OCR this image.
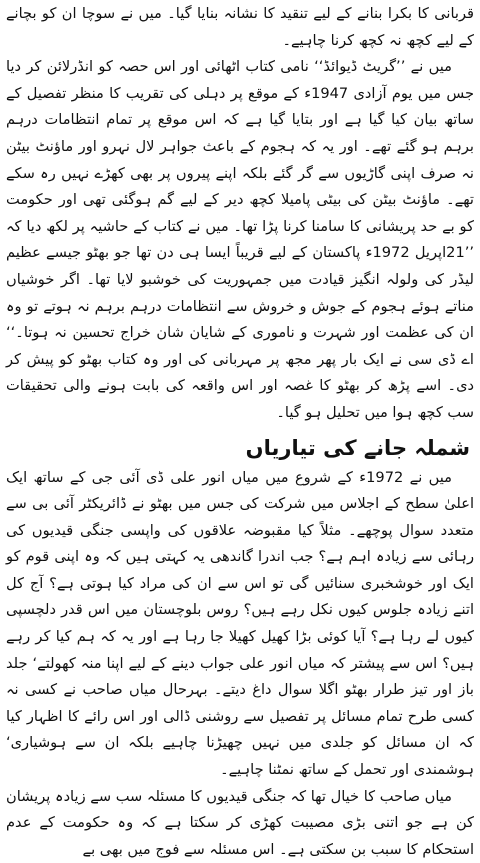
قربانی کا بکرا بنانے کے لیے تنقید کا نشانہ بنایا گیا۔ میں نے سوچا ان کو بچانے کے لیے کچھ نہ کچھ کرنا چاہیے۔

میں نے ’’گریٹ ڈیوائڈ‘‘ نامی کتاب اٹھائی اور اس حصہ کو انڈرلائن کر دیا جس میں یوم آزادی 1947ء کے موقع پر دہلی کی تقریب کا منظر تفصیل کے ساتھ بیان کیا گیا ہے اور بتایا گیا ہے کہ اس موقع پر تمام انتظامات درہم برہم ہو گئے تھے۔ اور یہ کہ ہجوم کے باعث جواہر لال نہرو اور ماؤنٹ بیٹن نہ صرف اپنی گاڑیوں سے گر گئے بلکہ اپنے پیروں پر بھی کھڑے نہیں رہ سکے تھے۔ ماؤنٹ بیٹن کی بیٹی پامیلا کچھ دیر کے لیے گم ہوگئی تھی اور حکومت کو بے حد پریشانی کا سامنا کرنا پڑا تھا۔ میں نے کتاب کے حاشیہ پر لکھ دیا کہ ’’21اپریل 1972ء پاکستان کے لیے قریباً ایسا ہی دن تھا جو بھٹو جیسے عظیم لیڈر کی ولولہ انگیز قیادت میں جمہوریت کی خوشبو لایا تھا۔ اگر خوشیاں مناتے ہوئے ہجوم کے جوش و خروش سے انتظامات درہم برہم نہ ہوتے تو وہ ان کی عظمت اور شہرت و ناموری کے شایان شان خراج تحسین نہ ہوتا۔‘‘ اے ڈی سی نے ایک بار پھر مجھ پر مہربانی کی اور وہ کتاب بھٹو کو پیش کر دی۔ اسے پڑھ کر بھٹو کا غصہ اور اس واقعہ کی بابت ہونے والی تحقیقات سب کچھ ہوا میں تحلیل ہو گیا۔

شملہ جانے کی تیاریاں

میں نے 1972ء کے شروع میں میاں انور علی ڈی آئی جی کے ساتھ ایک اعلیٰ سطح کے اجلاس میں شرکت کی جس میں بھٹو نے ڈائریکٹر آئی بی سے متعدد سوال پوچھے۔ مثلاً کیا مقبوضہ علاقوں کی واپسی جنگی قیدیوں کی رہائی سے زیادہ اہم ہے؟ جب اندرا گاندھی یہ کہتی ہیں کہ وہ اپنی قوم کو ایک اور خوشخبری سنائیں گی تو اس سے ان کی مراد کیا ہوتی ہے؟ آج کل اتنے زیادہ جلوس کیوں نکل رہے ہیں؟ روس بلوچستان میں اس قدر دلچسپی کیوں لے رہا ہے؟ آیا کوئی بڑا کھیل کھیلا جا رہا ہے اور یہ کہ ہم کیا کر رہے ہیں؟ اس سے پیشتر کہ میاں انور علی جواب دینے کے لیے اپنا منہ کھولتے‘ جلد باز اور تیز طرار بھٹو اگلا سوال داغ دیتے۔ بہرحال میاں صاحب نے کسی نہ کسی طرح تمام مسائل پر تفصیل سے روشنی ڈالی اور اس رائے کا اظہار کیا کہ ان مسائل کو جلدی میں نہیں چھیڑنا چاہیے بلکہ ان سے ہوشیاری‘ ہوشمندی اور تحمل کے ساتھ نمٹنا چاہیے۔

میاں صاحب کا خیال تھا کہ جنگی قیدیوں کا مسئلہ سب سے زیادہ پریشان کن ہے جو اتنی بڑی مصیبت کھڑی کر سکتا ہے کہ وہ حکومت کے عدم استحکام کا سبب بن سکتی ہے۔ اس مسئلہ سے فوج میں بھی بے
